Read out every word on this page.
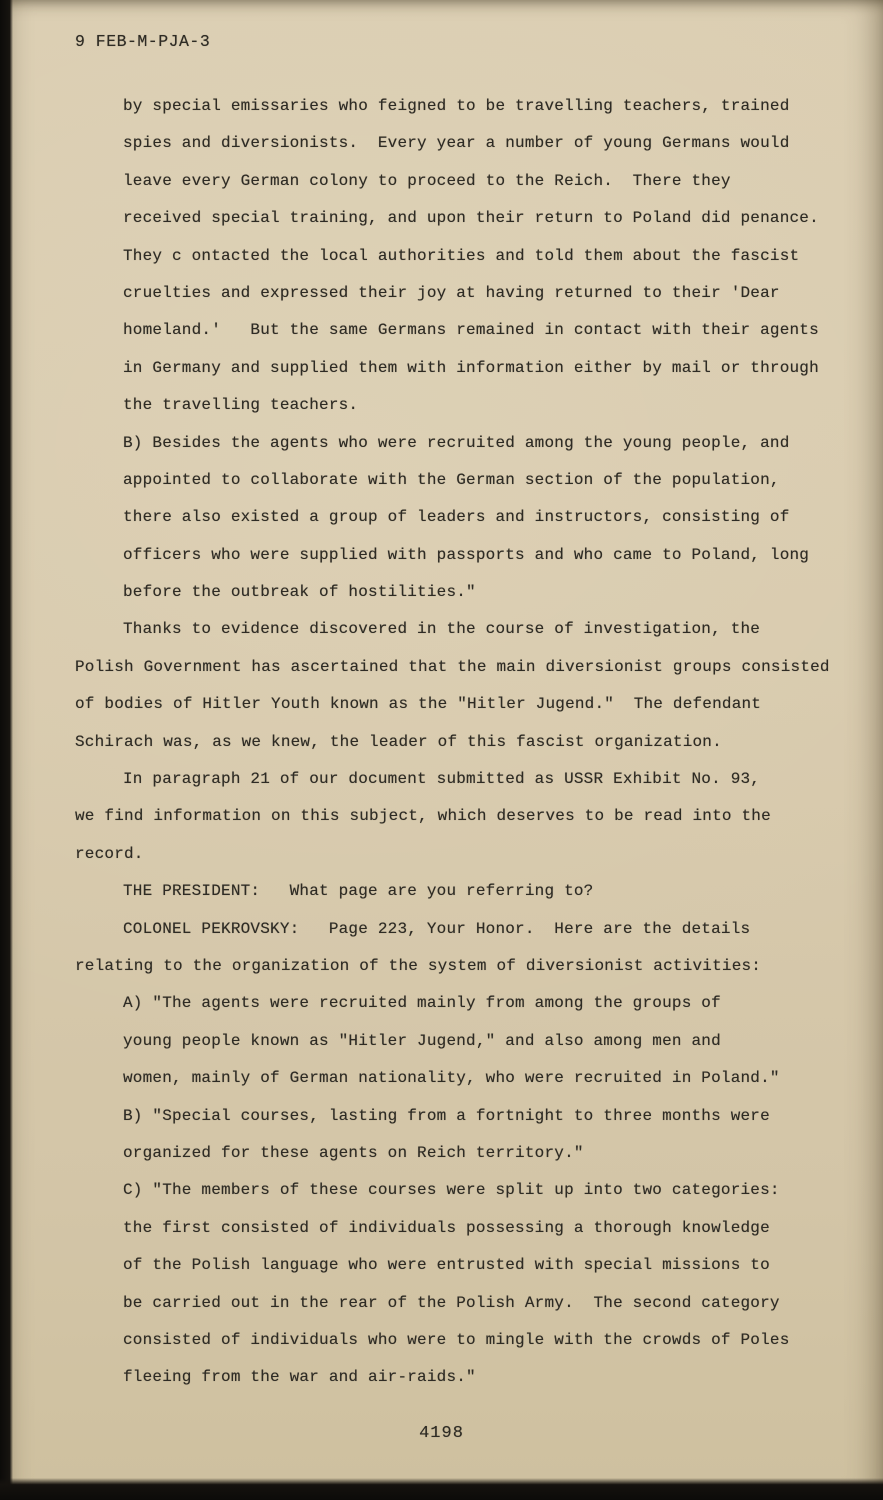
9 FEB-M-PJA-3
by special emissaries who feigned to be travelling teachers, trained
spies and diversionists.  Every year a number of young Germans would
leave every German colony to proceed to the Reich.  There they
received special training, and upon their return to Poland did penance.
They c ontacted the local authorities and told them about the fascist
cruelties and expressed their joy at having returned to their 'Dear
homeland.'   But the same Germans remained in contact with their agents
in Germany and supplied them with information either by mail or through
the travelling teachers.
B) Besides the agents who were recruited among the young people, and
appointed to collaborate with the German section of the population,
there also existed a group of leaders and instructors, consisting of
officers who were supplied with passports and who came to Poland, long
before the outbreak of hostilities."
Thanks to evidence discovered in the course of investigation, the
Polish Government has ascertained that the main diversionist groups consisted
of bodies of Hitler Youth known as the "Hitler Jugend."  The defendant
Schirach was, as we knew, the leader of this fascist organization.
In paragraph 21 of our document submitted as USSR Exhibit No. 93,
we find information on this subject, which deserves to be read into the
record.
THE PRESIDENT:   What page are you referring to?
COLONEL PEKROVSKY:   Page 223, Your Honor.  Here are the details
relating to the organization of the system of diversionist activities:
A) "The agents were recruited mainly from among the groups of
young people known as "Hitler Jugend," and also among men and
women, mainly of German nationality, who were recruited in Poland."
B) "Special courses, lasting from a fortnight to three months were
organized for these agents on Reich territory."
C) "The members of these courses were split up into two categories:
the first consisted of individuals possessing a thorough knowledge
of the Polish language who were entrusted with special missions to
be carried out in the rear of the Polish Army.  The second category
consisted of individuals who were to mingle with the crowds of Poles
fleeing from the war and air-raids."
4198
